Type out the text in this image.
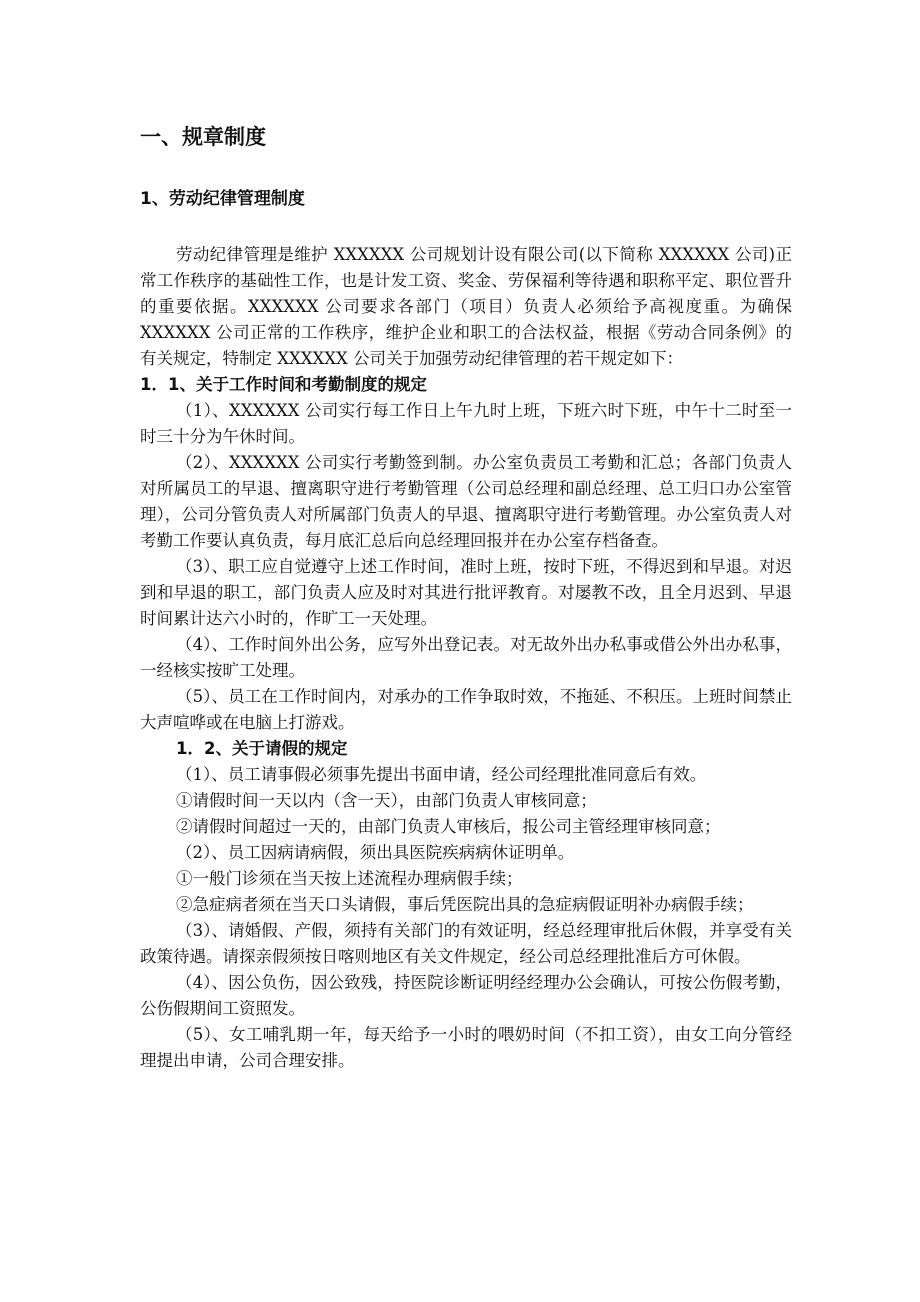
一、规章制度
1、劳动纪律管理制度

劳动纪律管理是维护 XXXXXX 公司规划计设有限公司(以下简称 XXXXXX 公司)正常工作秩序的基础性工作，也是计发工资、奖金、劳保福利等待遇和职称平定、职位晋升的重要依据。XXXXXX 公司要求各部门（项目）负责人必须给予高视度重。为确保 XXXXXX 公司正常的工作秩序，维护企业和职工的合法权益，根据《劳动合同条例》的有关规定，特制定 XXXXXX 公司关于加强劳动纪律管理的若干规定如下：

1．1、关于工作时间和考勤制度的规定

（1）、XXXXXX 公司实行每工作日上午九时上班，下班六时下班，中午十二时至一时三十分为午休时间。

（2）、XXXXXX 公司实行考勤签到制。办公室负责员工考勤和汇总；各部门负责人对所属员工的早退、擅离职守进行考勤管理（公司总经理和副总经理、总工归口办公室管理），公司分管负责人对所属部门负责人的早退、擅离职守进行考勤管理。办公室负责人对考勤工作要认真负责，每月底汇总后向总经理回报并在办公室存档备查。

（3）、职工应自觉遵守上述工作时间，准时上班，按时下班，不得迟到和早退。对迟到和早退的职工，部门负责人应及时对其进行批评教育。对屡教不改，且全月迟到、早退时间累计达六小时的，作旷工一天处理。

（4）、工作时间外出公务，应写外出登记表。对无故外出办私事或借公外出办私事，一经核实按旷工处理。

（5）、员工在工作时间内，对承办的工作争取时效，不拖延、不积压。上班时间禁止大声喧哗或在电脑上打游戏。

1．2、关于请假的规定

（1）、员工请事假必须事先提出书面申请，经公司经理批准同意后有效。

①请假时间一天以内（含一天），由部门负责人审核同意；

②请假时间超过一天的，由部门负责人审核后，报公司主管经理审核同意；

（2）、员工因病请病假，须出具医院疾病病休证明单。

①一般门诊须在当天按上述流程办理病假手续；

②急症病者须在当天口头请假，事后凭医院出具的急症病假证明补办病假手续；

（3）、请婚假、产假，须持有关部门的有效证明，经总经理审批后休假，并享受有关政策待遇。请探亲假须按日喀则地区有关文件规定，经公司总经理批准后方可休假。

（4）、因公负伤，因公致残，持医院诊断证明经经理办公会确认，可按公伤假考勤，公伤假期间工资照发。

（5）、女工哺乳期一年，每天给予一小时的喂奶时间（不扣工资），由女工向分管经理提出申请，公司合理安排。
